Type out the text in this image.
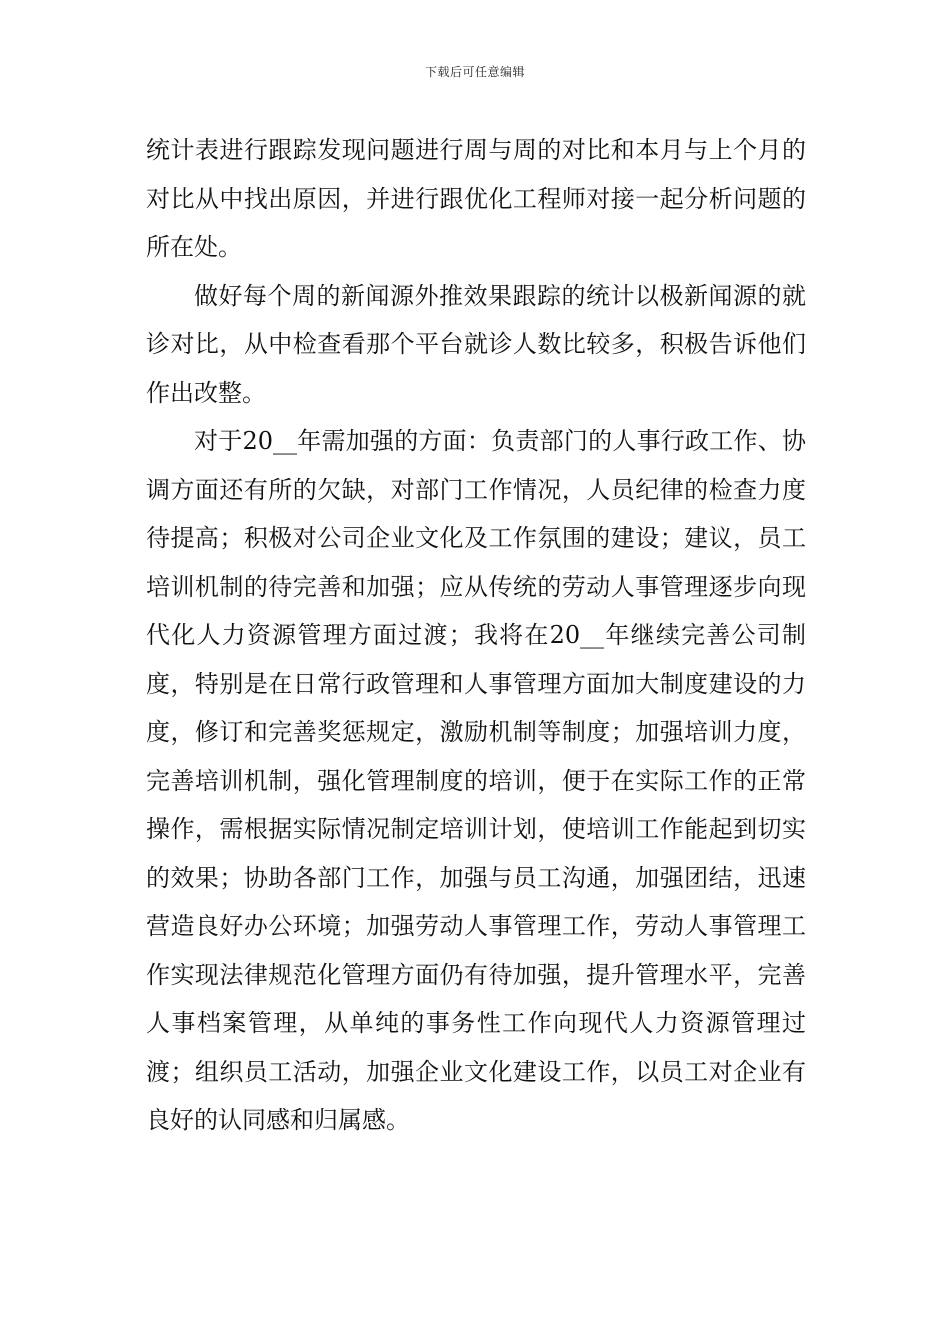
下载后可任意编辑

统计表进行跟踪发现问题进行周与周的对比和本月与上个月的对比从中找出原因，并进行跟优化工程师对接一起分析问题的所在处。

做好每个周的新闻源外推效果跟踪的统计以极新闻源的就诊对比，从中检查看那个平台就诊人数比较多，积极告诉他们作出改整。

对于20__年需加强的方面：负责部门的人事行政工作、协调方面还有所的欠缺，对部门工作情况，人员纪律的检查力度待提高；积极对公司企业文化及工作氛围的建设；建议，员工培训机制的待完善和加强；应从传统的劳动人事管理逐步向现代化人力资源管理方面过渡；我将在20__年继续完善公司制度，特别是在日常行政管理和人事管理方面加大制度建设的力度，修订和完善奖惩规定，激励机制等制度；加强培训力度，完善培训机制，强化管理制度的培训，便于在实际工作的正常操作，需根据实际情况制定培训计划，使培训工作能起到切实的效果；协助各部门工作，加强与员工沟通，加强团结，迅速营造良好办公环境；加强劳动人事管理工作，劳动人事管理工作实现法律规范化管理方面仍有待加强，提升管理水平，完善人事档案管理，从单纯的事务性工作向现代人力资源管理过渡；组织员工活动，加强企业文化建设工作，以员工对企业有良好的认同感和归属感。
